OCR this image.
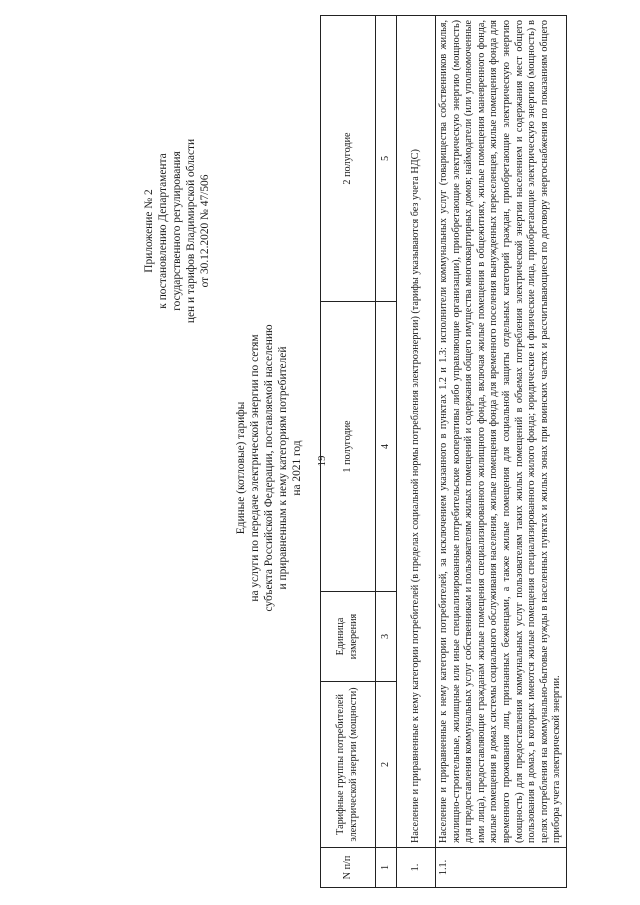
19
Приложение № 2 к постановлению Департамента государственного регулирования цен и тарифов Владимирской области от 30.12.2020 № 47/506
Единые (котловые) тарифы на услуги по передаче электрической энергии по сетям субъекта Российской Федерации, поставляемой населению и приравненным к нему категориям потребителей на 2021 год
N п/п	Тарифные группы потребителей электрической энергии (мощности)	Единица измерения	1 полугодие	2 полугодие
1	2	3	4	5
1.	Население и приравненные к нему категории потребителей (в пределах социальной нормы потребления электроэнергии) (тарифы указываются без учета НДС)			
1.1.	Население и приравненные к нему категории потребителей, за исключением указанного в пунктах 1.2 и 1.3: исполнители коммунальных услуг (товарищества собственников жилья, жилищно-строительные, жилищные или иные специализированные потребительские кооперативы либо управляющие организации), приобретающие электрическую энергию (мощность) для предоставления коммунальных услуг собственникам и пользователям жилых помещений и содержания общего имущества многоквартирных домов; наймодатели (или уполномоченные ими лица), предоставляющие гражданам жилые помещения специализированного жилищного фонда, включая жилые помещения в общежитиях, жилые помещения маневренного фонда, жилые помещения в домах системы социального обслуживания населения, жилые помещения фонда для временного поселения вынужденных переселенцев, жилые помещения фонда для временного проживания лиц, признанных беженцами, а также жилые помещения для социальной защиты отдельных категорий граждан, приобретающие электрическую энергию (мощность) для предоставления коммунальных услуг пользователям таких жилых помещений в объемах потребления электрической энергии населением и содержания мест общего пользования в домах, в которых имеются жилые помещения специализированного жилого фонда; юридические и физические лица, приобретающие электрическую энергию (мощность) в целях потребления на коммунально-бытовые нужды в населенных пунктах и жилых зонах при воинских частях и рассчитывающиеся по договору энергоснабжения по показаниям общего прибора учета электрической энергии.			
